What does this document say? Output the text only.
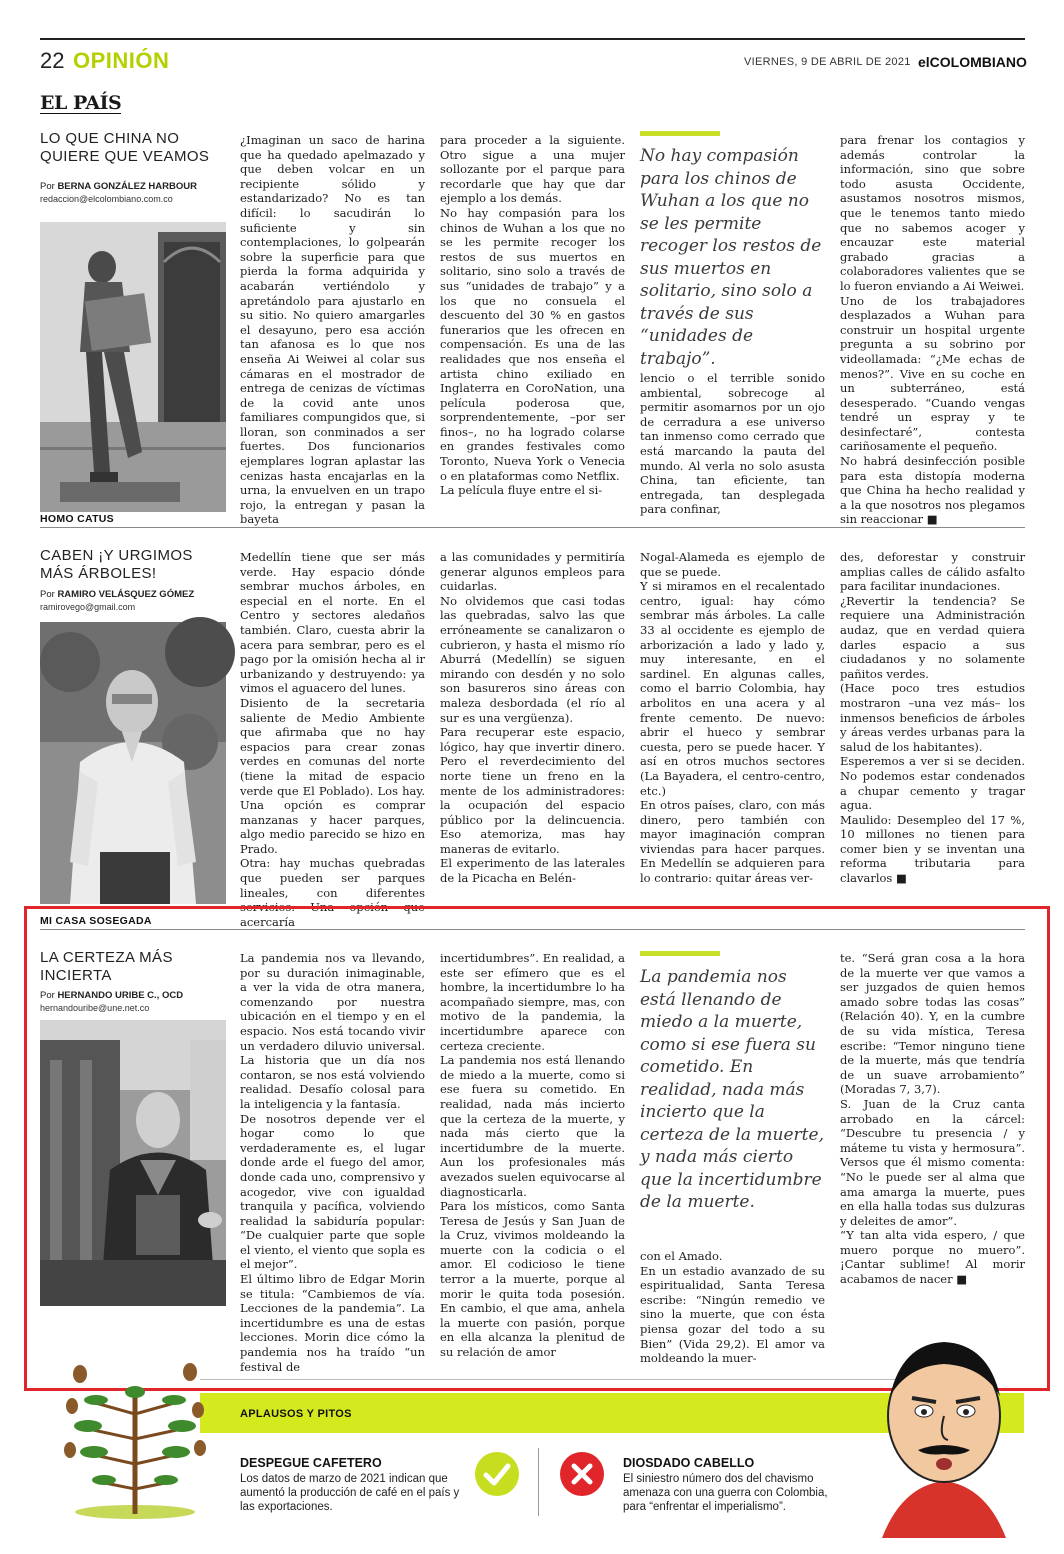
22 OPINIÓN	VIERNES, 9 DE ABRIL DE 2021 elCOLOMBIANO
EL PAÍS
LO QUE CHINA NO QUIERE QUE VEAMOS
Por BERNA GONZÁLEZ HARBOUR
redaccion@elcolombiano.com.co
¿Imaginan un saco de harina que ha quedado apelmazado y que deben volcar en un recipiente sólido y estandarizado? No es tan difícil: lo sacudirán lo suficiente y sin contemplaciones, lo golpearán sobre la superficie para que pierda la forma adquirida y acabarán vertiéndolo y apretándolo para ajustarlo en su sitio. No quiero amargarles el desayuno, pero esa acción tan afanosa es lo que nos enseña Ai Weiwei al colar sus cámaras en el mostrador de entrega de cenizas de víctimas de la covid ante unos familiares compungidos que, si lloran, son conminados a ser fuertes. Dos funcionarios ejemplares logran aplastar las cenizas hasta encajarlas en la urna, la envuelven en un trapo rojo, la entregan y pasan la bayeta
para proceder a la siguiente. Otro sigue a una mujer sollozante por el parque para recordarle que hay que dar ejemplo a los demás.
No hay compasión para los chinos de Wuhan a los que no se les permite recoger los restos de sus muertos en solitario, sino solo a través de sus “unidades de trabajo” y a los que no consuela el descuento del 30 % en gastos funerarios que les ofrecen en compensación. Es una de las realidades que nos enseña el artista chino exiliado en Inglaterra en CoroNation, una película poderosa que, sorprendentemente, –por ser finos–, no ha logrado colarse en grandes festivales como Toronto, Nueva York o Venecia o en plataformas como Netflix.
La película fluye entre el si-
No hay compasión para los chinos de Wuhan a los que no se les permite recoger los restos de sus muertos en solitario, sino solo a través de sus “unidades de trabajo”.
lencio o el terrible sonido ambiental, sobrecoge al permitir asomarnos por un ojo de cerradura a ese universo tan inmenso como cerrado que está marcando la pauta del mundo. Al verla no solo asusta China, tan eficiente, tan entregada, tan desplegada para confinar,
para frenar los contagios y además controlar la información, sino que sobre todo asusta Occidente, asustamos nosotros mismos, que le tenemos tanto miedo que no sabemos acoger y encauzar este material grabado gracias a colaboradores valientes que se lo fueron enviando a Ai Weiwei.
Uno de los trabajadores desplazados a Wuhan para construir un hospital urgente pregunta a su sobrino por videollamada: “¿Me echas de menos?”. Vive en su coche en un subterráneo, está desesperado. “Cuando vengas tendré un espray y te desinfectaré”, contesta cariñosamente el pequeño.
No habrá desinfección posible para esta distopía moderna que China ha hecho realidad y a la que nosotros nos plegamos sin reaccionar ■
HOMO CATUS
CABEN ¡Y URGIMOS MÁS ÁRBOLES!
Por RAMIRO VELÁSQUEZ GÓMEZ
ramirovego@gmail.com
Medellín tiene que ser más verde. Hay espacio dónde sembrar muchos árboles, en especial en el norte. En el Centro y sectores aledaños también. Claro, cuesta abrir la acera para sembrar, pero es el pago por la omisión hecha al ir urbanizando y destruyendo: ya vimos el aguacero del lunes.
Disiento de la secretaria saliente de Medio Ambiente que afirmaba que no hay espacios para crear zonas verdes en comunas del norte (tiene la mitad de espacio verde que El Poblado). Los hay. Una opción es comprar manzanas y hacer parques, algo medio parecido se hizo en Prado.
Otra: hay muchas quebradas que pueden ser parques lineales, con diferentes servicios. Una opción que acercaría
a las comunidades y permitiría generar algunos empleos para cuidarlas.
No olvidemos que casi todas las quebradas, salvo las que erróneamente se canalizaron o cubrieron, y hasta el mismo río Aburrá (Medellín) se siguen mirando con desdén y no solo son basureros sino áreas con maleza desbordada (el río al sur es una vergüenza).
Para recuperar este espacio, lógico, hay que invertir dinero. Pero el reverdecimiento del norte tiene un freno en la mente de los administradores: la ocupación del espacio público por la delincuencia. Eso atemoriza, mas hay maneras de evitarlo.
El experimento de las laterales de la Picacha en Belén-
Nogal-Alameda es ejemplo de que se puede.
Y si miramos en el recalentado centro, igual: hay cómo sembrar más árboles. La calle 33 al occidente es ejemplo de arborización a lado y lado y, muy interesante, en el sardinel. En algunas calles, como el barrio Colombia, hay arbolitos en una acera y al frente cemento. De nuevo: abrir el hueco y sembrar cuesta, pero se puede hacer. Y así en otros muchos sectores (La Bayadera, el centro-centro, etc.)
En otros países, claro, con más dinero, pero también con mayor imaginación compran viviendas para hacer parques. En Medellín se adquieren para lo contrario: quitar áreas ver-
des, deforestar y construir amplias calles de cálido asfalto para facilitar inundaciones.
¿Revertir la tendencia? Se requiere una Administración audaz, que en verdad quiera darles espacio a sus ciudadanos y no solamente pañitos verdes.
(Hace poco tres estudios mostraron –una vez más– los inmensos beneficios de árboles y áreas verdes urbanas para la salud de los habitantes).
Esperemos a ver si se deciden. No podemos estar condenados a chupar cemento y tragar agua.
Maulido: Desempleo del 17 %, 10 millones no tienen para comer bien y se inventan una reforma tributaria para clavarlos ■
MI CASA SOSEGADA
LA CERTEZA MÁS INCIERTA
Por HERNANDO URIBE C., OCD
hernandouribe@une.net.co
La pandemia nos va llevando, por su duración inimaginable, a ver la vida de otra manera, comenzando por nuestra ubicación en el tiempo y en el espacio. Nos está tocando vivir un verdadero diluvio universal. La historia que un día nos contaron, se nos está volviendo realidad. Desafío colosal para la inteligencia y la fantasía.
De nosotros depende ver el hogar como lo que verdaderamente es, el lugar donde arde el fuego del amor, donde cada uno, comprensivo y acogedor, vive con igualdad tranquila y pacífica, volviendo realidad la sabiduría popular: “De cualquier parte que sople el viento, el viento que sopla es el mejor”.
El último libro de Edgar Morin se titula: “Cambiemos de vía. Lecciones de la pandemia”. La incertidumbre es una de estas lecciones. Morin dice cómo la pandemia nos ha traído “un festival de
incertidumbres”. En realidad, a este ser efímero que es el hombre, la incertidumbre lo ha acompañado siempre, mas, con motivo de la pandemia, la incertidumbre aparece con certeza creciente.
La pandemia nos está llenando de miedo a la muerte, como si ese fuera su cometido. En realidad, nada más incierto que la certeza de la muerte, y nada más cierto que la incertidumbre de la muerte. Aun los profesionales más avezados suelen equivocarse al diagnosticarla.
Para los místicos, como Santa Teresa de Jesús y San Juan de la Cruz, vivimos moldeando la muerte con la codicia o el amor. El codicioso le tiene terror a la muerte, porque al morir le quita toda posesión. En cambio, el que ama, anhela la muerte con pasión, porque en ella alcanza la plenitud de su relación de amor
La pandemia nos está llenando de miedo a la muerte, como si ese fuera su cometido. En realidad, nada más incierto que la certeza de la muerte, y nada más cierto que la incertidumbre de la muerte.
con el Amado.
En un estadio avanzado de su espiritualidad, Santa Teresa escribe: “Ningún remedio ve sino la muerte, que con ésta piensa gozar del todo a su Bien” (Vida 29,2). El amor va moldeando la muer-
te. “Será gran cosa a la hora de la muerte ver que vamos a ser juzgados de quien hemos amado sobre todas las cosas” (Relación 40). Y, en la cumbre de su vida mística, Teresa escribe: “Temor ninguno tiene de la muerte, más que tendría de un suave arrobamiento” (Moradas 7, 3,7).
S. Juan de la Cruz canta arrobado en la cárcel: “Descubre tu presencia / y máteme tu vista y hermosura”. Versos que él mismo comenta: “No le puede ser al alma que ama amarga la muerte, pues en ella halla todas sus dulzuras y deleites de amor”.
“Y tan alta vida espero, / que muero porque no muero”. ¡Cantar sublime! Al morir acabamos de nacer ■
APLAUSOS Y PITOS
DESPEGUE CAFETERO
Los datos de marzo de 2021 indican que aumentó la producción de café en el país y las exportaciones.
DIOSDADO CABELLO
El siniestro número dos del chavismo amenaza con una guerra con Colombia, para “enfrentar el imperialismo”.
